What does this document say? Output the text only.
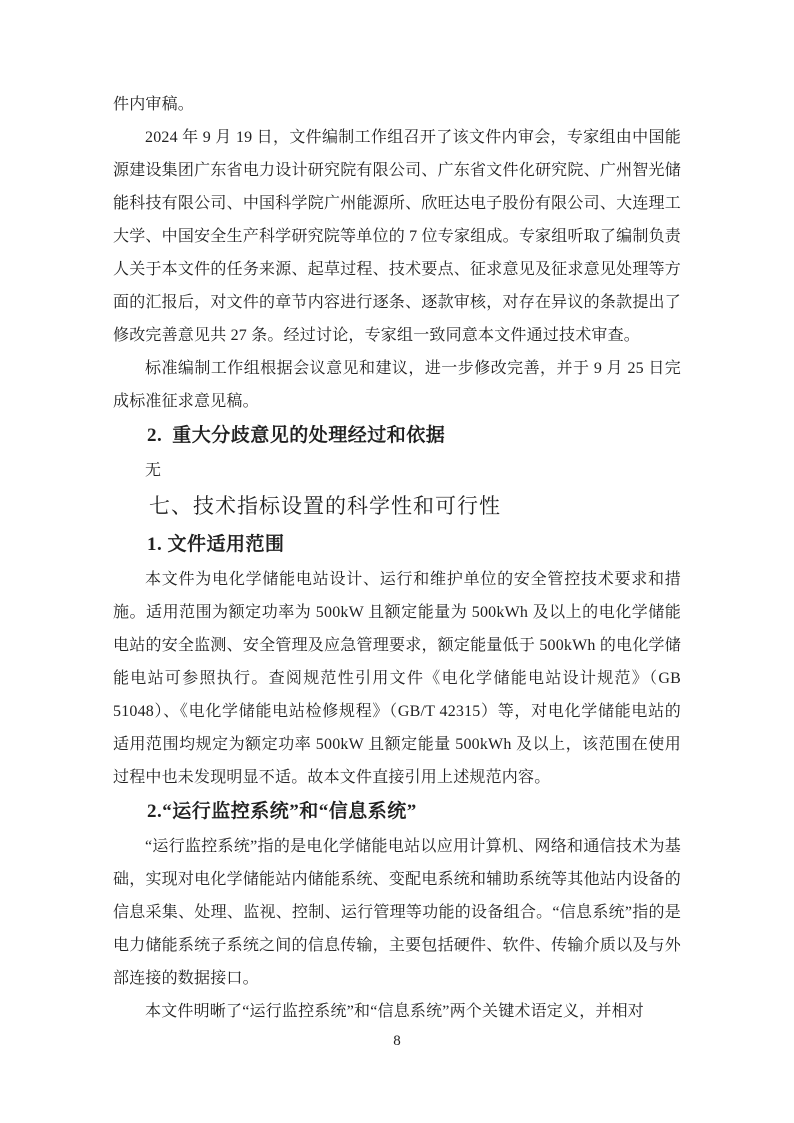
件内审稿。

2024 年 9 月 19 日，文件编制工作组召开了该文件内审会，专家组由中国能源建设集团广东省电力设计研究院有限公司、广东省文件化研究院、广州智光储能科技有限公司、中国科学院广州能源所、欣旺达电子股份有限公司、大连理工大学、中国安全生产科学研究院等单位的 7 位专家组成。专家组听取了编制负责人关于本文件的任务来源、起草过程、技术要点、征求意见及征求意见处理等方面的汇报后，对文件的章节内容进行逐条、逐款审核，对存在异议的条款提出了修改完善意见共 27 条。经过讨论，专家组一致同意本文件通过技术审查。

标准编制工作组根据会议意见和建议，进一步修改完善，并于 9 月 25 日完成标准征求意见稿。

2. 重大分歧意见的处理经过和依据

无

七、技术指标设置的科学性和可行性
1. 文件适用范围

本文件为电化学储能电站设计、运行和维护单位的安全管控技术要求和措施。适用范围为额定功率为 500kW 且额定能量为 500kWh 及以上的电化学储能电站的安全监测、安全管理及应急管理要求，额定能量低于 500kWh 的电化学储能电站可参照执行。查阅规范性引用文件《电化学储能电站设计规范》（GB 51048）、《电化学储能电站检修规程》（GB/T 42315）等，对电化学储能电站的适用范围均规定为额定功率 500kW 且额定能量 500kWh 及以上，该范围在使用过程中也未发现明显不适。故本文件直接引用上述规范内容。

2.“运行监控系统”和“信息系统”

“运行监控系统”指的是电化学储能电站以应用计算机、网络和通信技术为基础，实现对电化学储能站内储能系统、变配电系统和辅助系统等其他站内设备的信息采集、处理、监视、控制、运行管理等功能的设备组合。“信息系统”指的是电力储能系统子系统之间的信息传输，主要包括硬件、软件、传输介质以及与外部连接的数据接口。

本文件明晰了“运行监控系统”和“信息系统”两个关键术语定义，并相对

8
